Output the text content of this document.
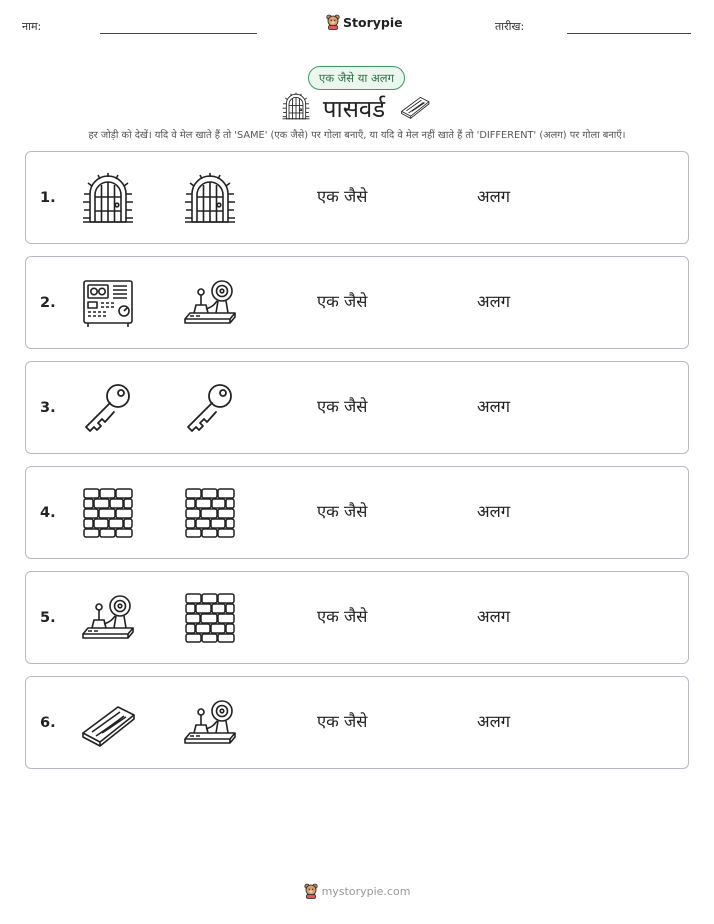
नाम:	Storypie	तारीख:
एक जैसे या अलग
पासवर्ड
हर जोड़ी को देखें। यदि वे मेल खाते हैं तो 'SAME' (एक जैसे) पर गोला बनाएँ, या यदि वे मेल नहीं खाते हैं तो 'DIFFERENT' (अलग) पर गोला बनाएँ।
1.	एक जैसे	अलग
2.	एक जैसे	अलग
3.	एक जैसे	अलग
4.	एक जैसे	अलग
5.	एक जैसे	अलग
6.	एक जैसे	अलग
mystorypie.com
